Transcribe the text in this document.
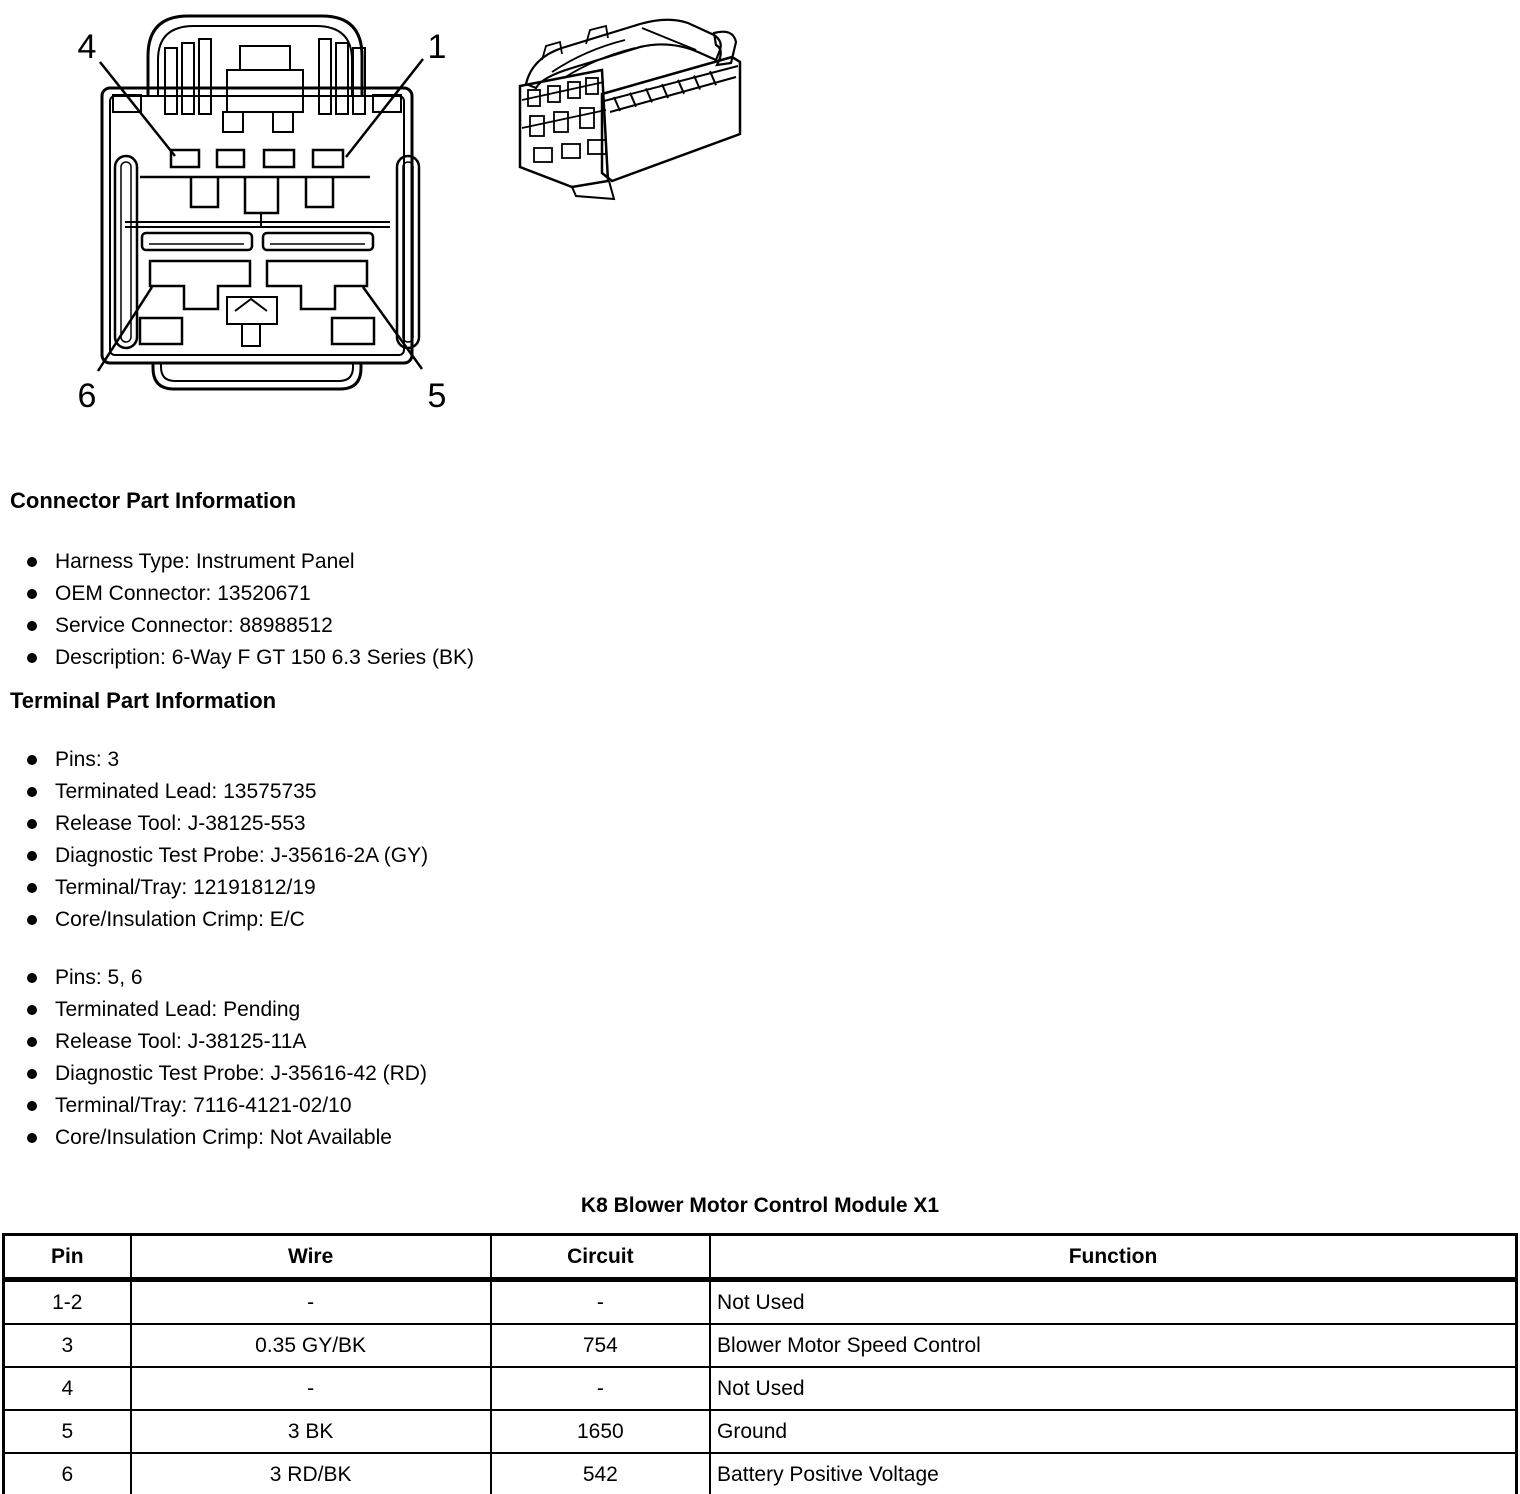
4	1
6	5
Connector Part Information
Harness Type: Instrument Panel
OEM Connector: 13520671
Service Connector: 88988512
Description: 6-Way F GT 150 6.3 Series (BK)
Terminal Part Information
Pins: 3
Terminated Lead: 13575735
Release Tool: J-38125-553
Diagnostic Test Probe: J-35616-2A (GY)
Terminal/Tray: 12191812/19
Core/Insulation Crimp: E/C
Pins: 5, 6
Terminated Lead: Pending
Release Tool: J-38125-11A
Diagnostic Test Probe: J-35616-42 (RD)
Terminal/Tray: 7116-4121-02/10
Core/Insulation Crimp: Not Available
K8 Blower Motor Control Module X1
Pin	Wire	Circuit	Function
1-2	-	-	Not Used
3	0.35 GY/BK	754	Blower Motor Speed Control
4	-	-	Not Used
5	3 BK	1650	Ground
6	3 RD/BK	542	Battery Positive Voltage
